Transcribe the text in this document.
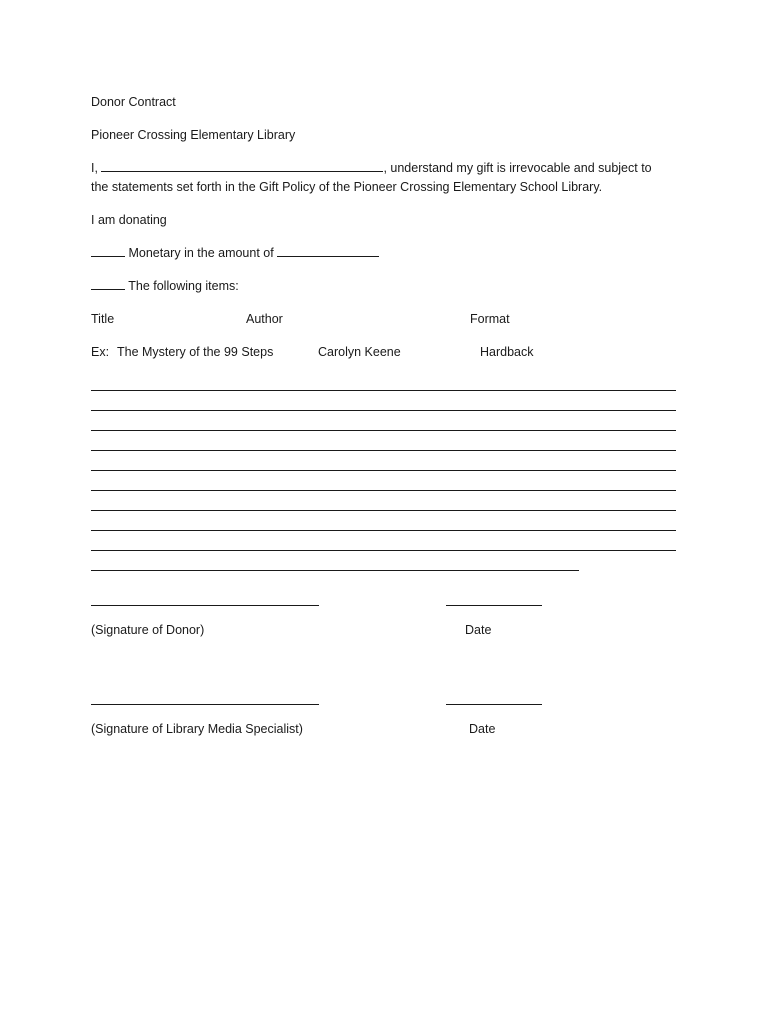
Donor Contract
Pioneer Crossing Elementary Library
I,	, understand my gift is irrevocable and subject to
the statements set forth in the Gift Policy of the Pioneer Crossing Elementary School Library.
I am donating
Monetary in the amount of
The following items:
Title	Author	Format
Ex: The Mystery of the 99 Steps	Carolyn Keene	Hardback
(Signature of Donor)	Date
(Signature of Library Media Specialist)	Date
